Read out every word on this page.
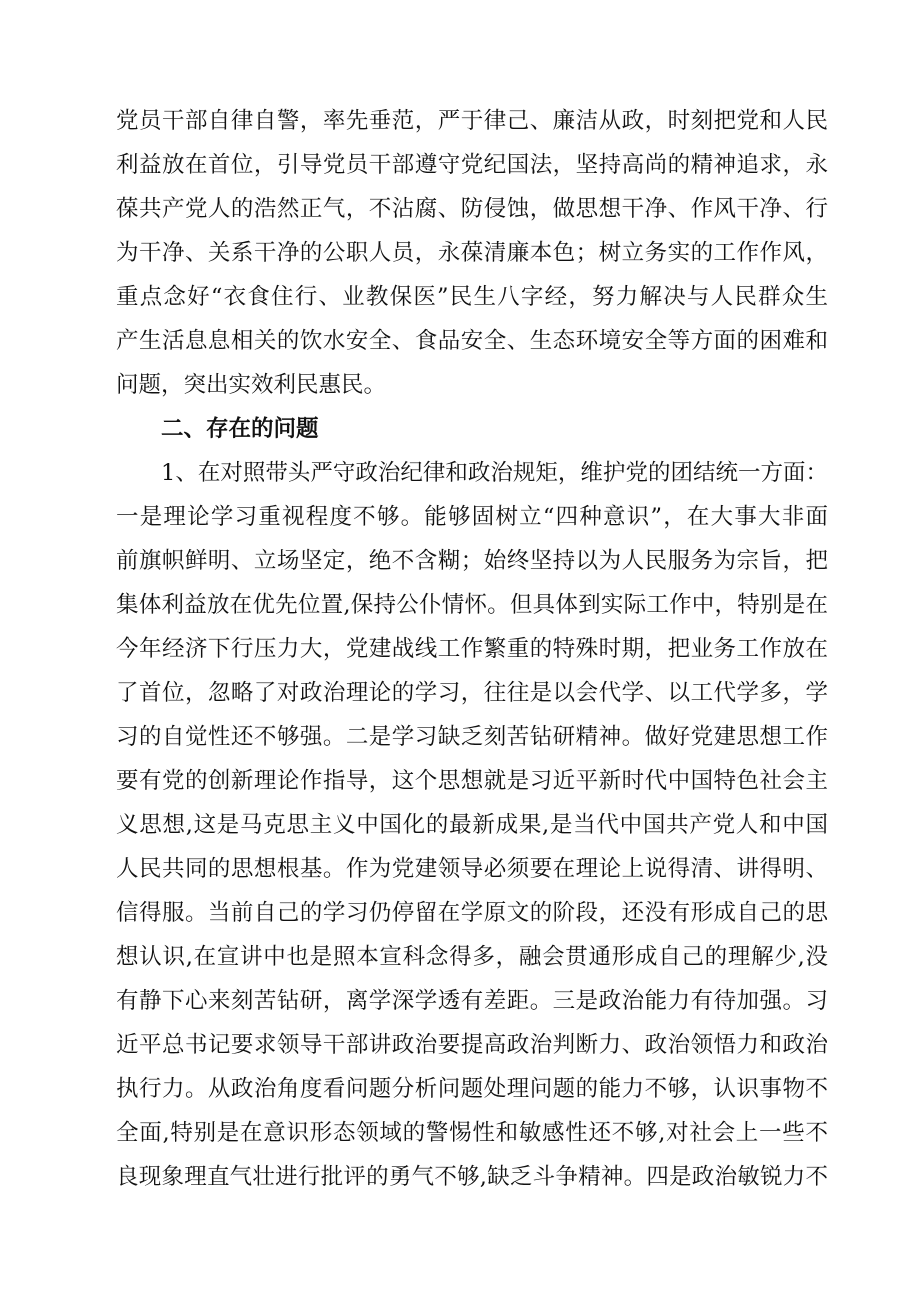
党员干部自律自警，率先垂范，严于律己、廉洁从政，时刻把党和人民
利益放在首位，引导党员干部遵守党纪国法，坚持高尚的精神追求，永
葆共产党人的浩然正气，不沾腐、防侵蚀，做思想干净、作风干净、行
为干净、关系干净的公职人员，永葆清廉本色；树立务实的工作作风，
重点念好“衣食住行、业教保医”民生八字经，努力解决与人民群众生
产生活息息相关的饮水安全、食品安全、生态环境安全等方面的困难和
问题，突出实效利民惠民。
二、存在的问题
1、在对照带头严守政治纪律和政治规矩，维护党的团结统一方面：
一是理论学习重视程度不够。能够固树立“四种意识”，在大事大非面
前旗帜鲜明、立场坚定，绝不含糊；始终坚持以为人民服务为宗旨，把
集体利益放在优先位置,保持公仆情怀。但具体到实际工作中，特别是在
今年经济下行压力大，党建战线工作繁重的特殊时期，把业务工作放在
了首位，忽略了对政治理论的学习，往往是以会代学、以工代学多，学
习的自觉性还不够强。二是学习缺乏刻苦钻研精神。做好党建思想工作
要有党的创新理论作指导，这个思想就是习近平新时代中国特色社会主
义思想,这是马克思主义中国化的最新成果,是当代中国共产党人和中国
人民共同的思想根基。作为党建领导必须要在理论上说得清、讲得明、
信得服。当前自己的学习仍停留在学原文的阶段，还没有形成自己的思
想认识,在宣讲中也是照本宣科念得多，融会贯通形成自己的理解少,没
有静下心来刻苦钻研，离学深学透有差距。三是政治能力有待加强。习
近平总书记要求领导干部讲政治要提高政治判断力、政治领悟力和政治
执行力。从政治角度看问题分析问题处理问题的能力不够，认识事物不
全面,特别是在意识形态领域的警惕性和敏感性还不够,对社会上一些不
良现象理直气壮进行批评的勇气不够,缺乏斗争精神。四是政治敏锐力不
